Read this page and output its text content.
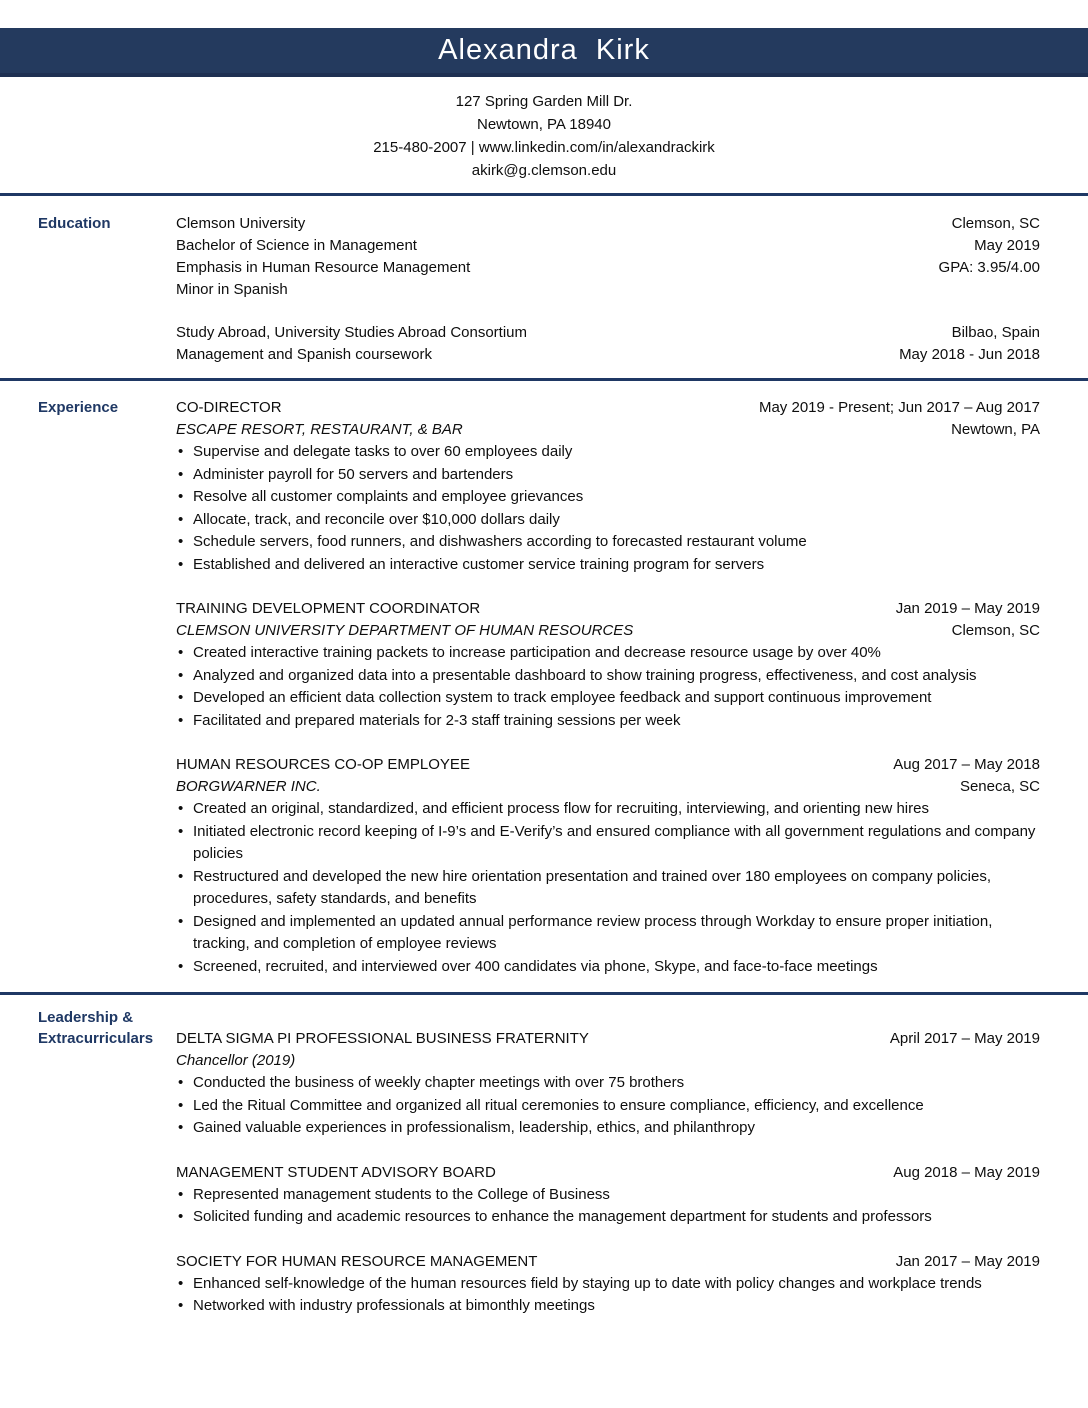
Alexandra  Kirk
127 Spring Garden Mill Dr.
Newtown, PA 18940
215-480-2007 | www.linkedin.com/in/alexandrackirk
akirk@g.clemson.edu
Education	Clemson University	Clemson, SC
Bachelor of Science in Management	May 2019
Emphasis in Human Resource Management	GPA: 3.95/4.00
Minor in Spanish
Study Abroad, University Studies Abroad Consortium	Bilbao, Spain
Management and Spanish coursework	May 2018 - Jun 2018
Experience	CO-DIRECTOR	May 2019 - Present; Jun 2017 – Aug 2017
ESCAPE RESORT, RESTAURANT, & BAR	Newtown, PA
• Supervise and delegate tasks to over 60 employees daily
• Administer payroll for 50 servers and bartenders
• Resolve all customer complaints and employee grievances
• Allocate, track, and reconcile over $10,000 dollars daily
• Schedule servers, food runners, and dishwashers according to forecasted restaurant volume
• Established and delivered an interactive customer service training program for servers
TRAINING DEVELOPMENT COORDINATOR	Jan 2019 – May 2019
CLEMSON UNIVERSITY DEPARTMENT OF HUMAN RESOURCES	Clemson, SC
• Created interactive training packets to increase participation and decrease resource usage by over 40%
• Analyzed and organized data into a presentable dashboard to show training progress, effectiveness, and cost analysis
• Developed an efficient data collection system to track employee feedback and support continuous improvement
• Facilitated and prepared materials for 2-3 staff training sessions per week
HUMAN RESOURCES CO-OP EMPLOYEE	Aug 2017 – May 2018
BORGWARNER INC.	Seneca, SC
• Created an original, standardized, and efficient process flow for recruiting, interviewing, and orienting new hires
• Initiated electronic record keeping of I-9’s and E-Verify’s and ensured compliance with all government regulations and company policies
• Restructured and developed the new hire orientation presentation and trained over 180 employees on company policies, procedures, safety standards, and benefits
• Designed and implemented an updated annual performance review process through Workday to ensure proper initiation, tracking, and completion of employee reviews
• Screened, recruited, and interviewed over 400 candidates via phone, Skype, and face-to-face meetings
Leadership &
Extracurriculars	DELTA SIGMA PI PROFESSIONAL BUSINESS FRATERNITY	April 2017 – May 2019
Chancellor (2019)
• Conducted the business of weekly chapter meetings with over 75 brothers
• Led the Ritual Committee and organized all ritual ceremonies to ensure compliance, efficiency, and excellence
• Gained valuable experiences in professionalism, leadership, ethics, and philanthropy
MANAGEMENT STUDENT ADVISORY BOARD	Aug 2018 – May 2019
• Represented management students to the College of Business
• Solicited funding and academic resources to enhance the management department for students and professors
SOCIETY FOR HUMAN RESOURCE MANAGEMENT	Jan 2017 – May 2019
• Enhanced self-knowledge of the human resources field by staying up to date with policy changes and workplace trends
• Networked with industry professionals at bimonthly meetings
